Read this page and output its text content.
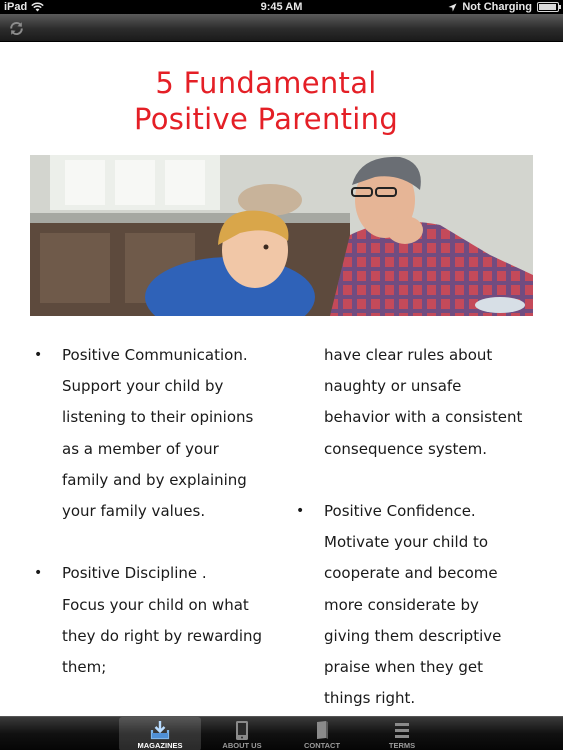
iPad	9:45 AM	Not Charging
5 Fundamental
Positive Parenting
• Positive Communication.
Support your child by
listening to their opinions
as a member of your
family and by explaining
your family values.
• Positive Discipline .
Focus your child on what
they do right by rewarding
them;
have clear rules about
naughty or unsafe
behavior with a consistent
consequence system.
• Positive Confidence.
Motivate your child to
cooperate and become
more considerate by
giving them descriptive
praise when they get
things right.
MAGAZINES	ABOUT US	CONTACT	TERMS
